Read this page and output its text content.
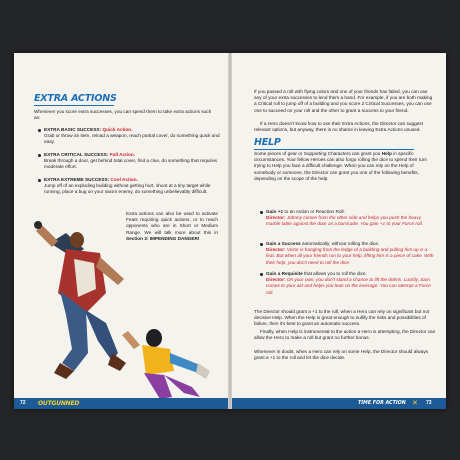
EXTRA ACTIONS
Whenever you score extra successes, you can spend them to take extra actions such as:
EXTRA BASIC SUCCESS: Quick Action.
Grab or throw an item, reload a weapon, reach partial cover, do something quick and easy.
EXTRA CRITICAL SUCCESS: Full Action.
Break through a door, get behind total cover, find a clue, do something that requires moderate effort.
EXTRA EXTREME SUCCESS: Cool Action.
Jump off of an exploding building without getting hurt, shoot at a tiny target while running, place a bug on your sworn enemy, do something unbelievably difficult.
Extra actions can also be used to activate Feats requiring quick actions, or to reach opponents who are in Short or Medium Range. We will talk more about this in Section 3: IMPENDING DANGER!
72 OUTGUNNED
If you passed a roll with flying colors and one of your friends has failed, you can use any of your extra successes to lend them a hand. For example, if you are both making a Critical roll to jump off of a building and you score 2 Critical Successes, you can use one to succeed on your roll and the other to grant a success to your friend.
If a Hero doesn't know how to use their Extra Actions, the Director can suggest relevant options, but anyway, there is no shame in leaving Extra Actions unused.
HELP
Some pieces of gear or Supporting Characters can grant you Help in specific circumstances. Your fellow Heroes can also forgo rolling the dice to spend their turn trying to Help you face a difficult challenge. When you can rely on the Help of somebody or someone, the Director can grant you one of the following benefits, depending on the scope of the help:
Gain +1 to an Action or Reaction Roll.
Director: Johnny comes from the other side and helps you push the heavy marble table against the door as a barricade. You gain +1 to your Force roll.
Gain a Success automatically, without rolling the dice.
Director: Victor is hanging from the ledge of a building and pulling him up is a feat. But when all your friends run to your help, lifting him is a piece of cake. With their help, you don't need to roll the dice.
Gain a Requisite that allows you to roll the dice.
Director: On your own, you don't stand a chance to lift the debris. Luckily, Sam comes to your aid and helps you lean on the leverage. You can attempt a Force roll.
The Director should grant a +1 to the roll, when a Hero can rely on significant but not decisive Help. When the Help is great enough to nullify the risks and possibilities of failure, then it's best to grant an automatic success.
Finally, when Help is instrumental to the action a Hero is attempting, the Director can allow the Hero to make a roll but grant no further bonus.
Whenever in doubt, when a Hero can rely on some Help, the Director should always grant a +1 to the roll and let the dice decide.
TIME FOR ACTION ✕ 73
